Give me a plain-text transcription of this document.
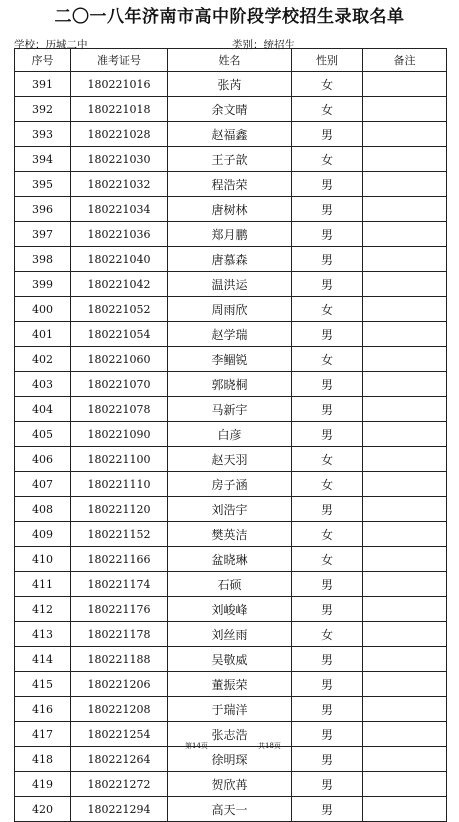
二〇一八年济南市高中阶段学校招生录取名单
学校：历城二中	类别：统招生
序号	准考证号	姓名	性别	备注
391	180221016	张芮	女	
392	180221018	余文晴	女	
393	180221028	赵福鑫	男	
394	180221030	王子歆	女	
395	180221032	程浩荣	男	
396	180221034	唐树林	男	
397	180221036	郑月鹏	男	
398	180221040	唐慕森	男	
399	180221042	温洪运	男	
400	180221052	周雨欣	女	
401	180221054	赵学瑞	男	
402	180221060	李鲴锐	女	
403	180221070	郭晓桐	男	
404	180221078	马新宇	男	
405	180221090	白彦	男	
406	180221100	赵天羽	女	
407	180221110	房子涵	女	
408	180221120	刘浩宇	男	
409	180221152	樊英洁	女	
410	180221166	盆晓琳	女	
411	180221174	石硕	男	
412	180221176	刘峻峰	男	
413	180221178	刘丝雨	女	
414	180221188	吴敬威	男	
415	180221206	董振荣	男	
416	180221208	于瑞洋	男	
417	180221254	张志浩	男	
418	180221264	徐明琛	男	
419	180221272	贺欣苒	男	
420	180221294	高天一	男	
第14页	共18页
